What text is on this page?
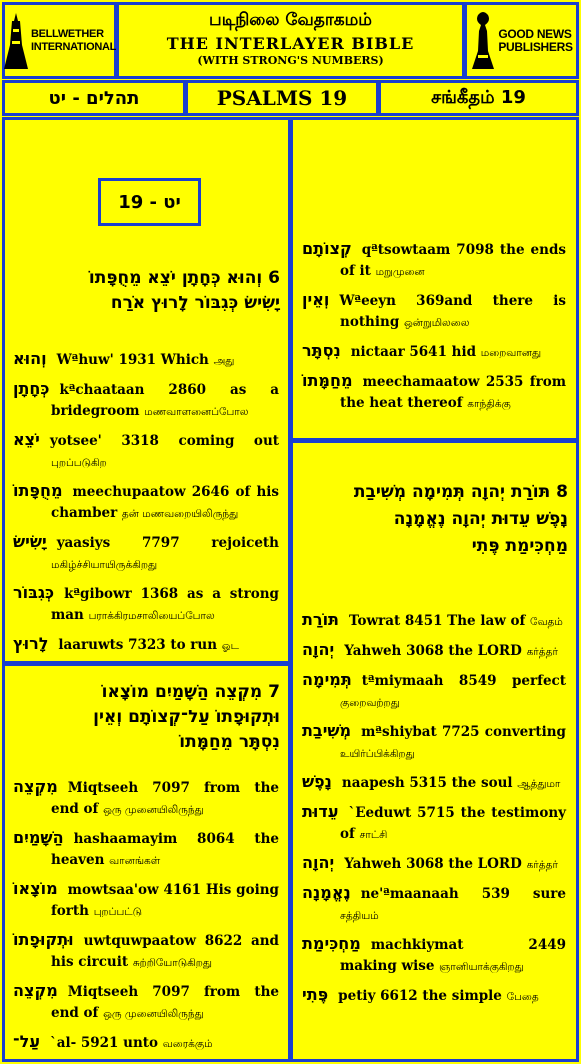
BELLWETHER
INTERNATIONAL
படிநிலை வேதாகமம்
THE INTERLAYER BIBLE
(WITH STRONG'S NUMBERS)
GOOD NEWS
PUBLISHERS
תהלים - יט	PSALMS 19	சங்கீதம் 19
יט - 19
6 וְהוּא כְּחָתָן יֹצֵא מֵחֻפָּתוֹ
יָשִׂישׂ כְּגִבּוֹר לָרוּץ אֹרַח
וְהוּא Wªhuw' 1931 Which அது
כְּחָתָן kªchaataan 2860 as a bridegroom மணவாளனைப்போல
יֹצֵא yotsee' 3318 coming out புறப்படுகிற
מֵחֻפָּתוֹ meechupaatow 2646 of his chamber தன் மணவறையிலிருந்து
יָשִׂישׂ yaasiys 7797 rejoiceth மகிழ்ச்சியாயிருக்கிறது
כְּגִבּוֹר kªgibowr 1368 as a strong man பராக்கிரமசாலியைப்போல
לָרוּץ laaruwts 7323 to run ஓட
7 מִקְצֵה הַשָּׁמַיִם מוֹצָאוֹ
וּתְקוּפָתוֹ עַל־קְצוֹתָם וְאֵין
נִסְתָּר מֵחַמָּתוֹ
מִקְצֵה Miqtseeh 7097 from the end of ஒரு முனையிலிருந்து
הַשָּׁמַיִם hashaamayim 8064 the heaven வானங்கள்
מוֹצָאוֹ mowtsaa'ow 4161 His going forth புறப்பட்டு
וּתְקוּפָתוֹ uwtquwpaatow 8622 and his circuit சுற்றியோடுகிறது
מִקְצֵה Miqtseeh 7097 from the end of ஒரு முனையிலிருந்து
עַל־ `al- 5921 unto வரைக்கும்
קְצוֹתָם qªtsowtaam 7098 the ends of it மறுமுனை
וְאֵין Wªeeyn 369and there is nothing ஒன்றுமிலலை
נִסְתָּר nictaar 5641 hid மறைவானது
מֵחַמָּתוֹ meechamaatow 2535 from the heat thereof காந்திக்கு
8 תּוֹרַת יְהוָה תְּמִימָה מְשִׁיבַת
נָפֶשׁ עֵדוּת יְהוָה נֶאֱמָנָה
מַחְכִּימַת פֶּתִי
תּוֹרַת Towrat 8451 The law of வேதம்
יְהוָה Yahweh 3068 the LORD கர்த்தர்
תְּמִימָה tªmiymaah 8549 perfect குறைவற்றது
מְשִׁיבַת mªshiybat 7725 converting உயிர்ப்பிக்கிறது
נָפֶשׁ naapesh 5315 the soul ஆத்துமா
עֵדוּת `Eeduwt 5715 the testimony of சாட்சி
יְהוָה Yahweh 3068 the LORD கர்த்தர்
נֶאֱמָנָה ne'ªmaanaah 539 sure சத்தியம்
מַחְכִּימַת machkiymat 2449 making wise ஞானியாக்குகிறது
פֶּתִי petiy 6612 the simple பேதை
